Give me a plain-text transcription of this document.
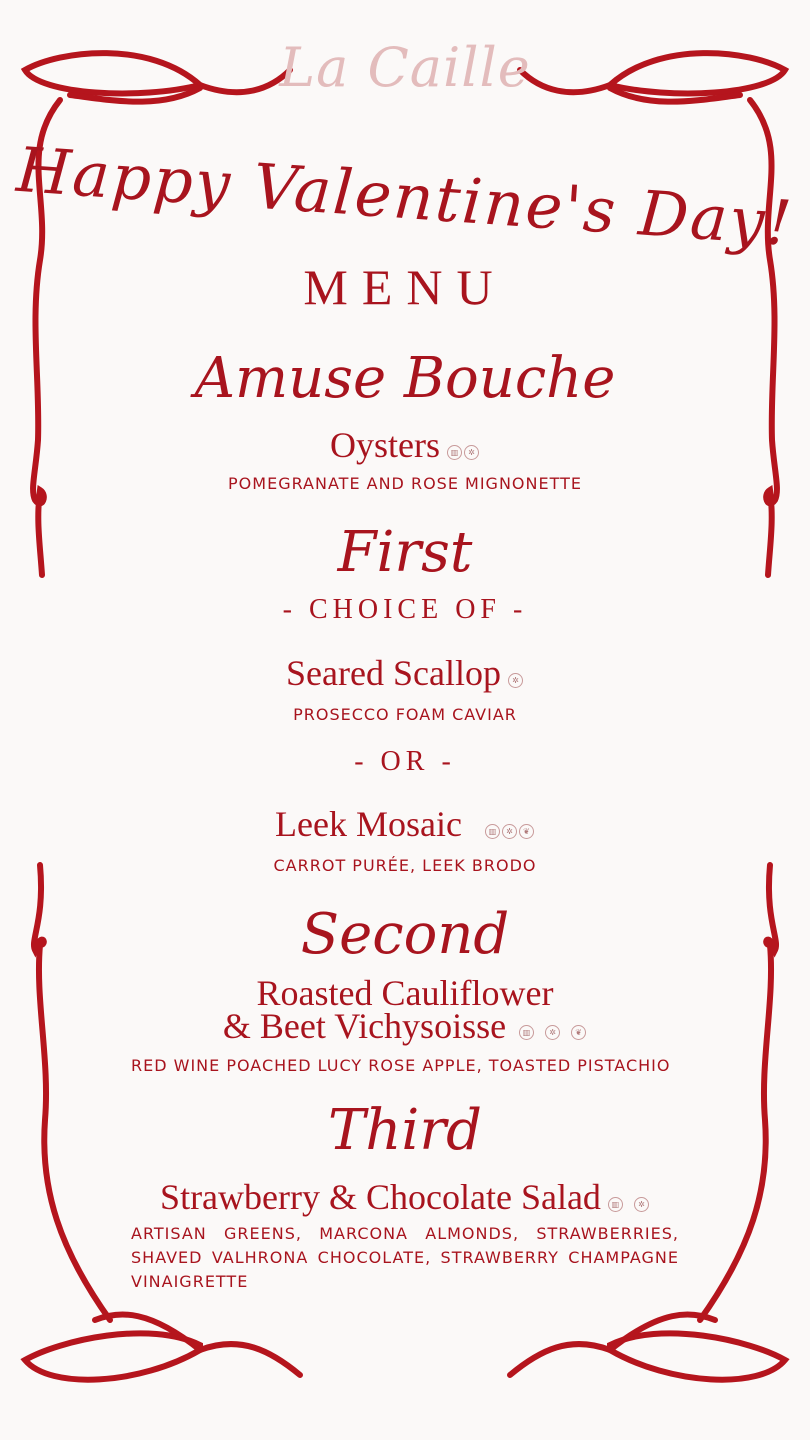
La Caille
Happy Valentine's Day!
MENU
Amuse Bouche
Oysters ▥ ✲
POMEGRANATE AND ROSE MIGNONETTE
First
- CHOICE OF -
Seared Scallop ✲
PROSECCO FOAM CAVIAR
- OR -
Leek Mosaic	▥ ✲ ❦
CARROT PURÉE, LEEK BRODO
Second
Roasted Cauliflower
& Beet Vichysoisse ▥ ✲ ❦
RED WINE POACHED LUCY ROSE APPLE, TOASTED PISTACHIO
Third
Strawberry & Chocolate Salad ▥ ✲
ARTISAN GREENS, MARCONA ALMONDS, STRAWBERRIES, SHAVED VALHRONA CHOCOLATE, STRAWBERRY CHAMPAGNE VINAIGRETTE
